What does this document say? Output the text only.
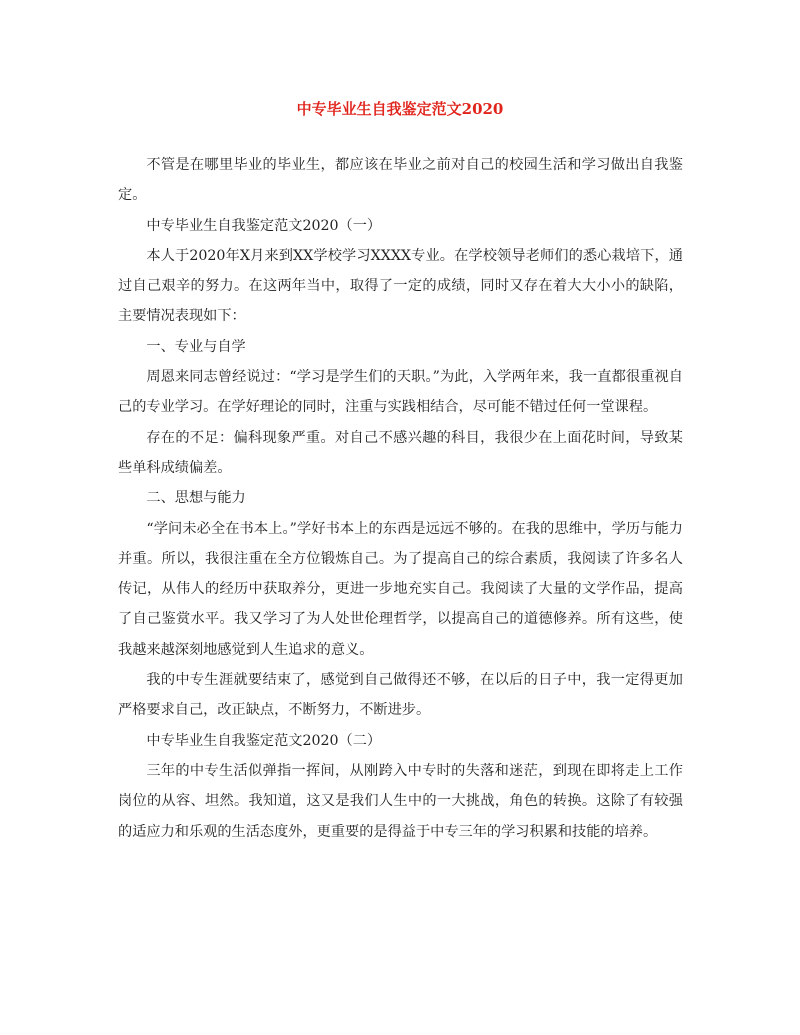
中专毕业生自我鉴定范文2020

不管是在哪里毕业的毕业生，都应该在毕业之前对自己的校园生活和学习做出自我鉴定。

中专毕业生自我鉴定范文2020（一）

本人于2020年X月来到XX学校学习XXXX专业。在学校领导老师们的悉心栽培下，通过自己艰辛的努力。在这两年当中，取得了一定的成绩，同时又存在着大大小小的缺陷，主要情况表现如下：

一、专业与自学

周恩来同志曾经说过：“学习是学生们的天职。”为此，入学两年来，我一直都很重视自己的专业学习。在学好理论的同时，注重与实践相结合，尽可能不错过任何一堂课程。

存在的不足：偏科现象严重。对自己不感兴趣的科目，我很少在上面花时间，导致某些单科成绩偏差。

二、思想与能力

“学问未必全在书本上。”学好书本上的东西是远远不够的。在我的思维中，学历与能力并重。所以，我很注重在全方位锻炼自己。为了提高自己的综合素质，我阅读了许多名人传记，从伟人的经历中获取养分，更进一步地充实自己。我阅读了大量的文学作品，提高了自己鉴赏水平。我又学习了为人处世伦理哲学，以提高自己的道德修养。所有这些，使我越来越深刻地感觉到人生追求的意义。

我的中专生涯就要结束了，感觉到自己做得还不够，在以后的日子中，我一定得更加严格要求自己，改正缺点，不断努力，不断进步。

中专毕业生自我鉴定范文2020（二）

三年的中专生活似弹指一挥间，从刚跨入中专时的失落和迷茫，到现在即将走上工作岗位的从容、坦然。我知道，这又是我们人生中的一大挑战，角色的转换。这除了有较强的适应力和乐观的生活态度外，更重要的是得益于中专三年的学习积累和技能的培养。
